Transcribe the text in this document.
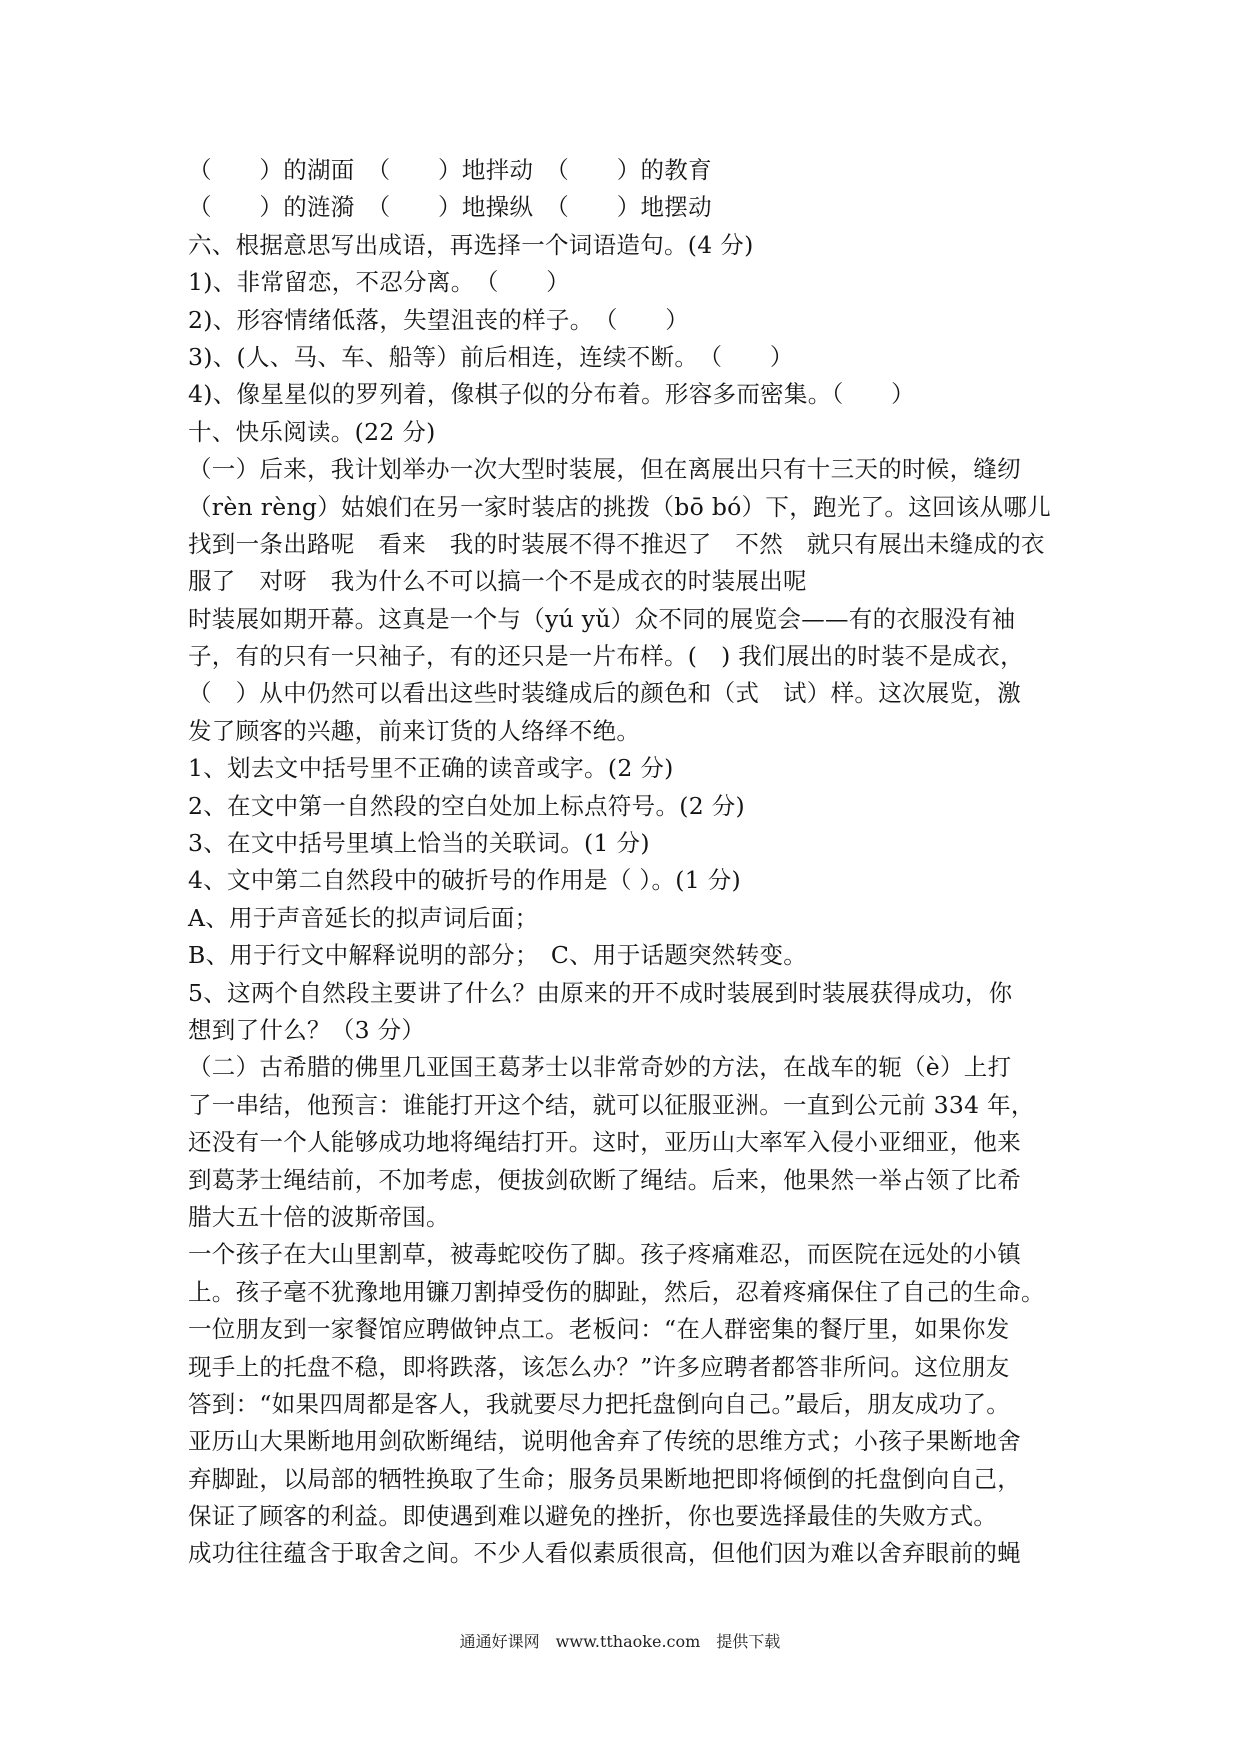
（　　）的湖面　（　　）地拌动　（　　）的教育
（　　）的涟漪　（　　）地操纵　（　　）地摆动
六、根据意思写出成语，再选择一个词语造句。(4 分)
1)、非常留恋，不忍分离。　（　　）
2)、形容情绪低落，失望沮丧的样子。　（　　）
3)、(人、马、车、船等）前后相连，连续不断。　（　　）
4)、像星星似的罗列着，像棋子似的分布着。形容多而密集。（　　）
十、快乐阅读。(22 分)
（一）后来，我计划举办一次大型时装展，但在离展出只有十三天的时候，缝纫
（rèn rèng）姑娘们在另一家时装店的挑拨（bō bó）下，跑光了。这回该从哪儿
找到一条出路呢　看来　我的时装展不得不推迟了　不然　就只有展出未缝成的衣
服了　对呀　我为什么不可以搞一个不是成衣的时装展出呢
时装展如期开幕。这真是一个与（yú yǔ）众不同的展览会——有的衣服没有袖
子，有的只有一只袖子，有的还只是一片布样。(　) 我们展出的时装不是成衣，
（　）从中仍然可以看出这些时装缝成后的颜色和（式　试）样。这次展览，激
发了顾客的兴趣，前来订货的人络绎不绝。
1、划去文中括号里不正确的读音或字。(2 分)
2、在文中第一自然段的空白处加上标点符号。(2 分)
3、在文中括号里填上恰当的关联词。(1 分)
4、文中第二自然段中的破折号的作用是（ ）。(1 分)
A、用于声音延长的拟声词后面；
B、用于行文中解释说明的部分；　C、用于话题突然转变。
5、这两个自然段主要讲了什么？由原来的开不成时装展到时装展获得成功，你
想到了什么？（3 分）
（二）古希腊的佛里几亚国王葛茅士以非常奇妙的方法，在战车的轭（è）上打
了一串结，他预言：谁能打开这个结，就可以征服亚洲。一直到公元前 334 年，
还没有一个人能够成功地将绳结打开。这时，亚历山大率军入侵小亚细亚，他来
到葛茅士绳结前，不加考虑，便拔剑砍断了绳结。后来，他果然一举占领了比希
腊大五十倍的波斯帝国。
一个孩子在大山里割草，被毒蛇咬伤了脚。孩子疼痛难忍，而医院在远处的小镇
上。孩子毫不犹豫地用镰刀割掉受伤的脚趾，然后，忍着疼痛保住了自己的生命。
一位朋友到一家餐馆应聘做钟点工。老板问：“在人群密集的餐厅里，如果你发
现手上的托盘不稳，即将跌落，该怎么办？”许多应聘者都答非所问。这位朋友
答到：“如果四周都是客人，我就要尽力把托盘倒向自己。”最后，朋友成功了。
亚历山大果断地用剑砍断绳结，说明他舍弃了传统的思维方式；小孩子果断地舍
弃脚趾，以局部的牺牲换取了生命；服务员果断地把即将倾倒的托盘倒向自己，
保证了顾客的利益。即使遇到难以避免的挫折，你也要选择最佳的失败方式。
成功往往蕴含于取舍之间。不少人看似素质很高，但他们因为难以舍弃眼前的蝇
通通好课网　www.tthaoke.com　提供下载
